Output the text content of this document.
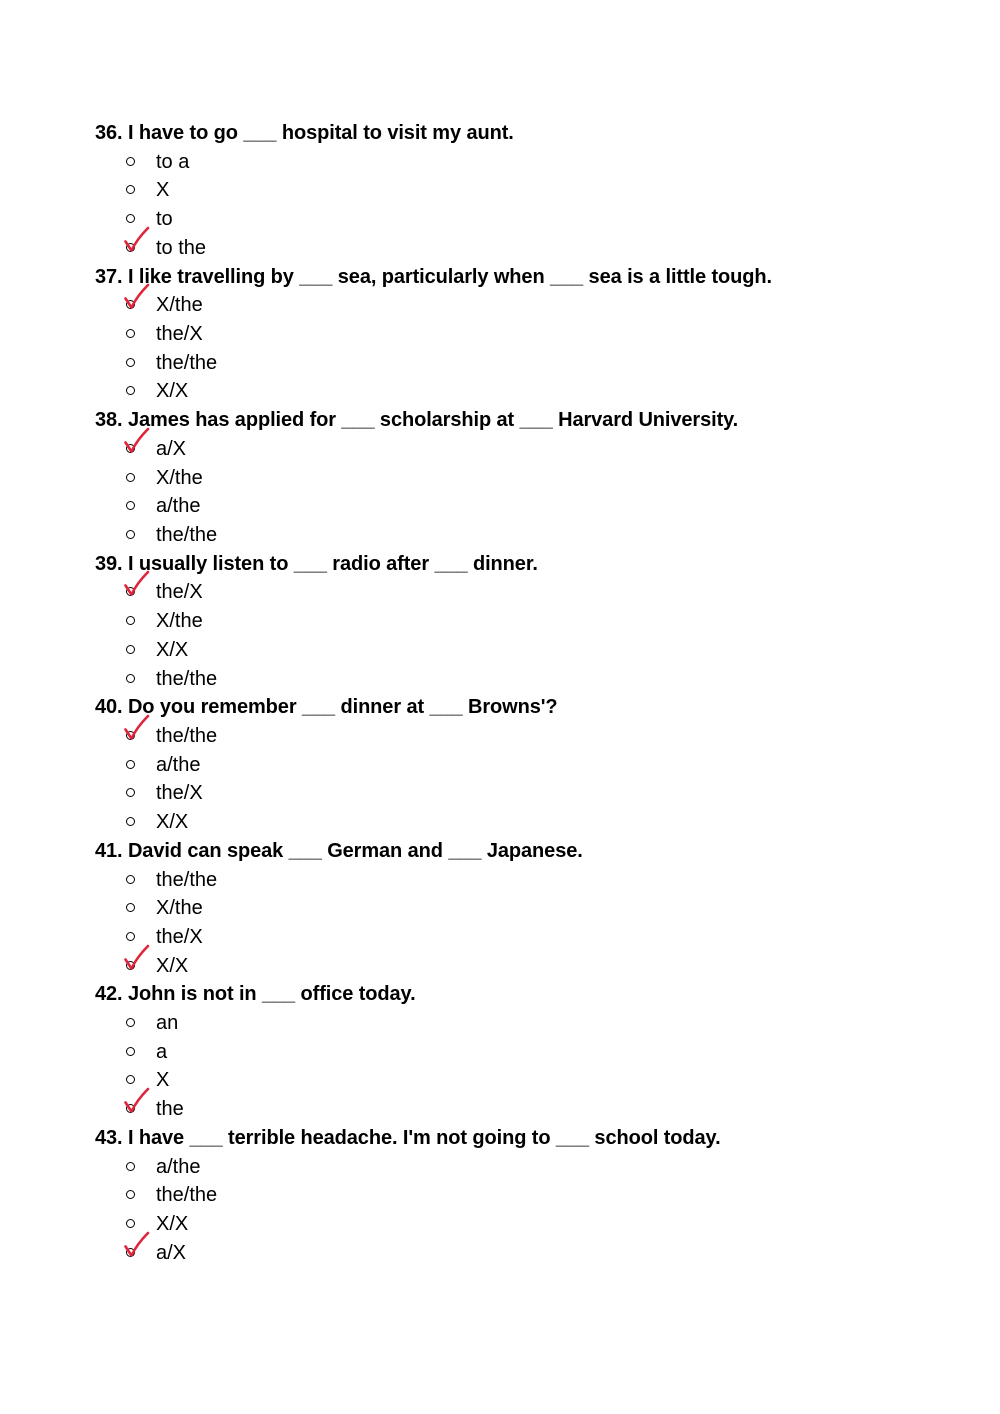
36. I have to go ___ hospital to visit my aunt.
to a
X
to
to the
37. I like travelling by ___ sea, particularly when ___ sea is a little tough.
X/the
the/X
the/the
X/X
38. James has applied for ___ scholarship at ___ Harvard University.
a/X
X/the
a/the
the/the
39. I usually listen to ___ radio after ___ dinner.
the/X
X/the
X/X
the/the
40. Do you remember ___ dinner at ___ Browns'?
the/the
a/the
the/X
X/X
41. David can speak ___ German and ___ Japanese.
the/the
X/the
the/X
X/X
42. John is not in ___ office today.
an
a
X
the
43. I have ___ terrible headache. I'm not going to ___ school today.
a/the
the/the
X/X
a/X
